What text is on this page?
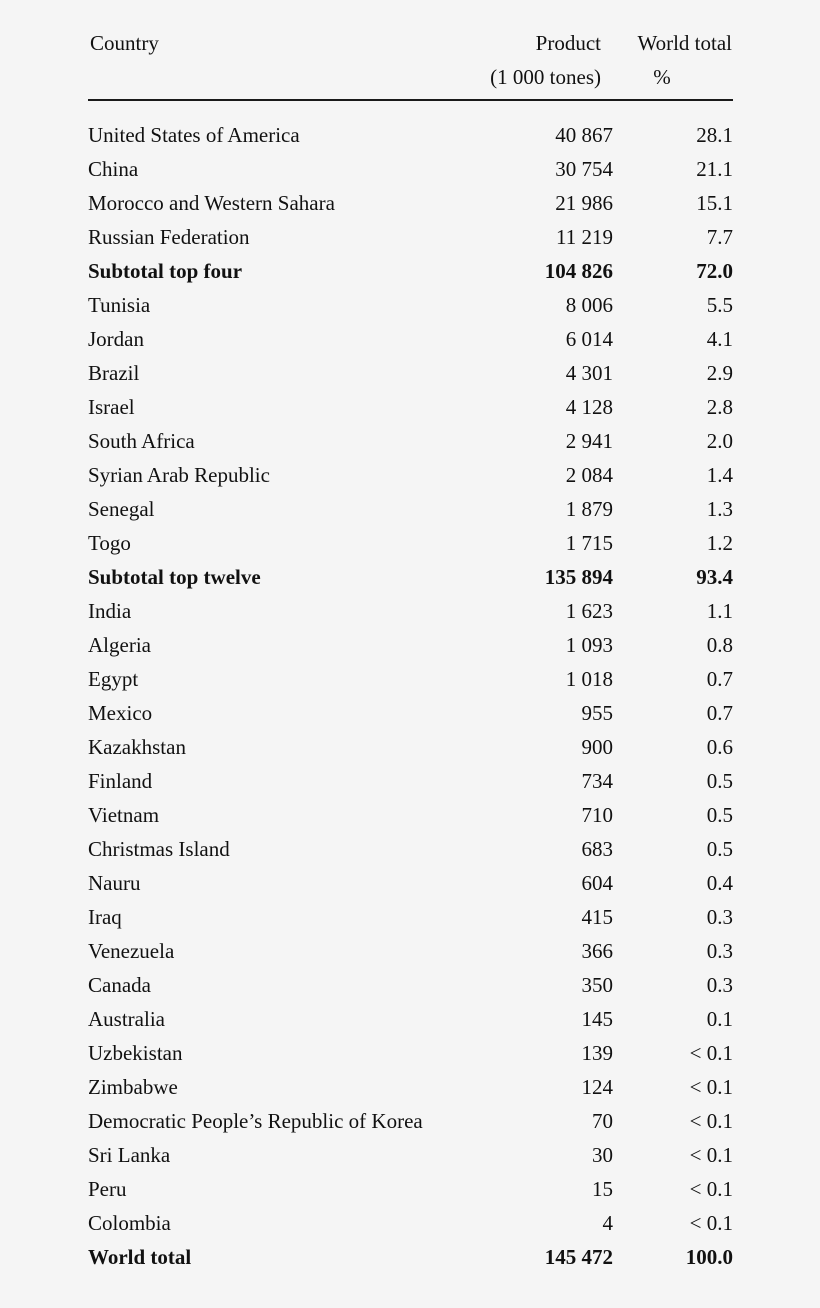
Country	Product	World total
	(1 000 tones)	%

United States of America	40 867	28.1
China	30 754	21.1
Morocco and Western Sahara	21 986	15.1
Russian Federation	11 219	7.7
Subtotal top four	104 826	72.0
Tunisia	8 006	5.5
Jordan	6 014	4.1
Brazil	4 301	2.9
Israel	4 128	2.8
South Africa	2 941	2.0
Syrian Arab Republic	2 084	1.4
Senegal	1 879	1.3
Togo	1 715	1.2
Subtotal top twelve	135 894	93.4
India	1 623	1.1
Algeria	1 093	0.8
Egypt	1 018	0.7
Mexico	955	0.7
Kazakhstan	900	0.6
Finland	734	0.5
Vietnam	710	0.5
Christmas Island	683	0.5
Nauru	604	0.4
Iraq	415	0.3
Venezuela	366	0.3
Canada	350	0.3
Australia	145	0.1
Uzbekistan	139	< 0.1
Zimbabwe	124	< 0.1
Democratic People’s Republic of Korea	70	< 0.1
Sri Lanka	30	< 0.1
Peru	15	< 0.1
Colombia	4	< 0.1
World total	145 472	100.0
